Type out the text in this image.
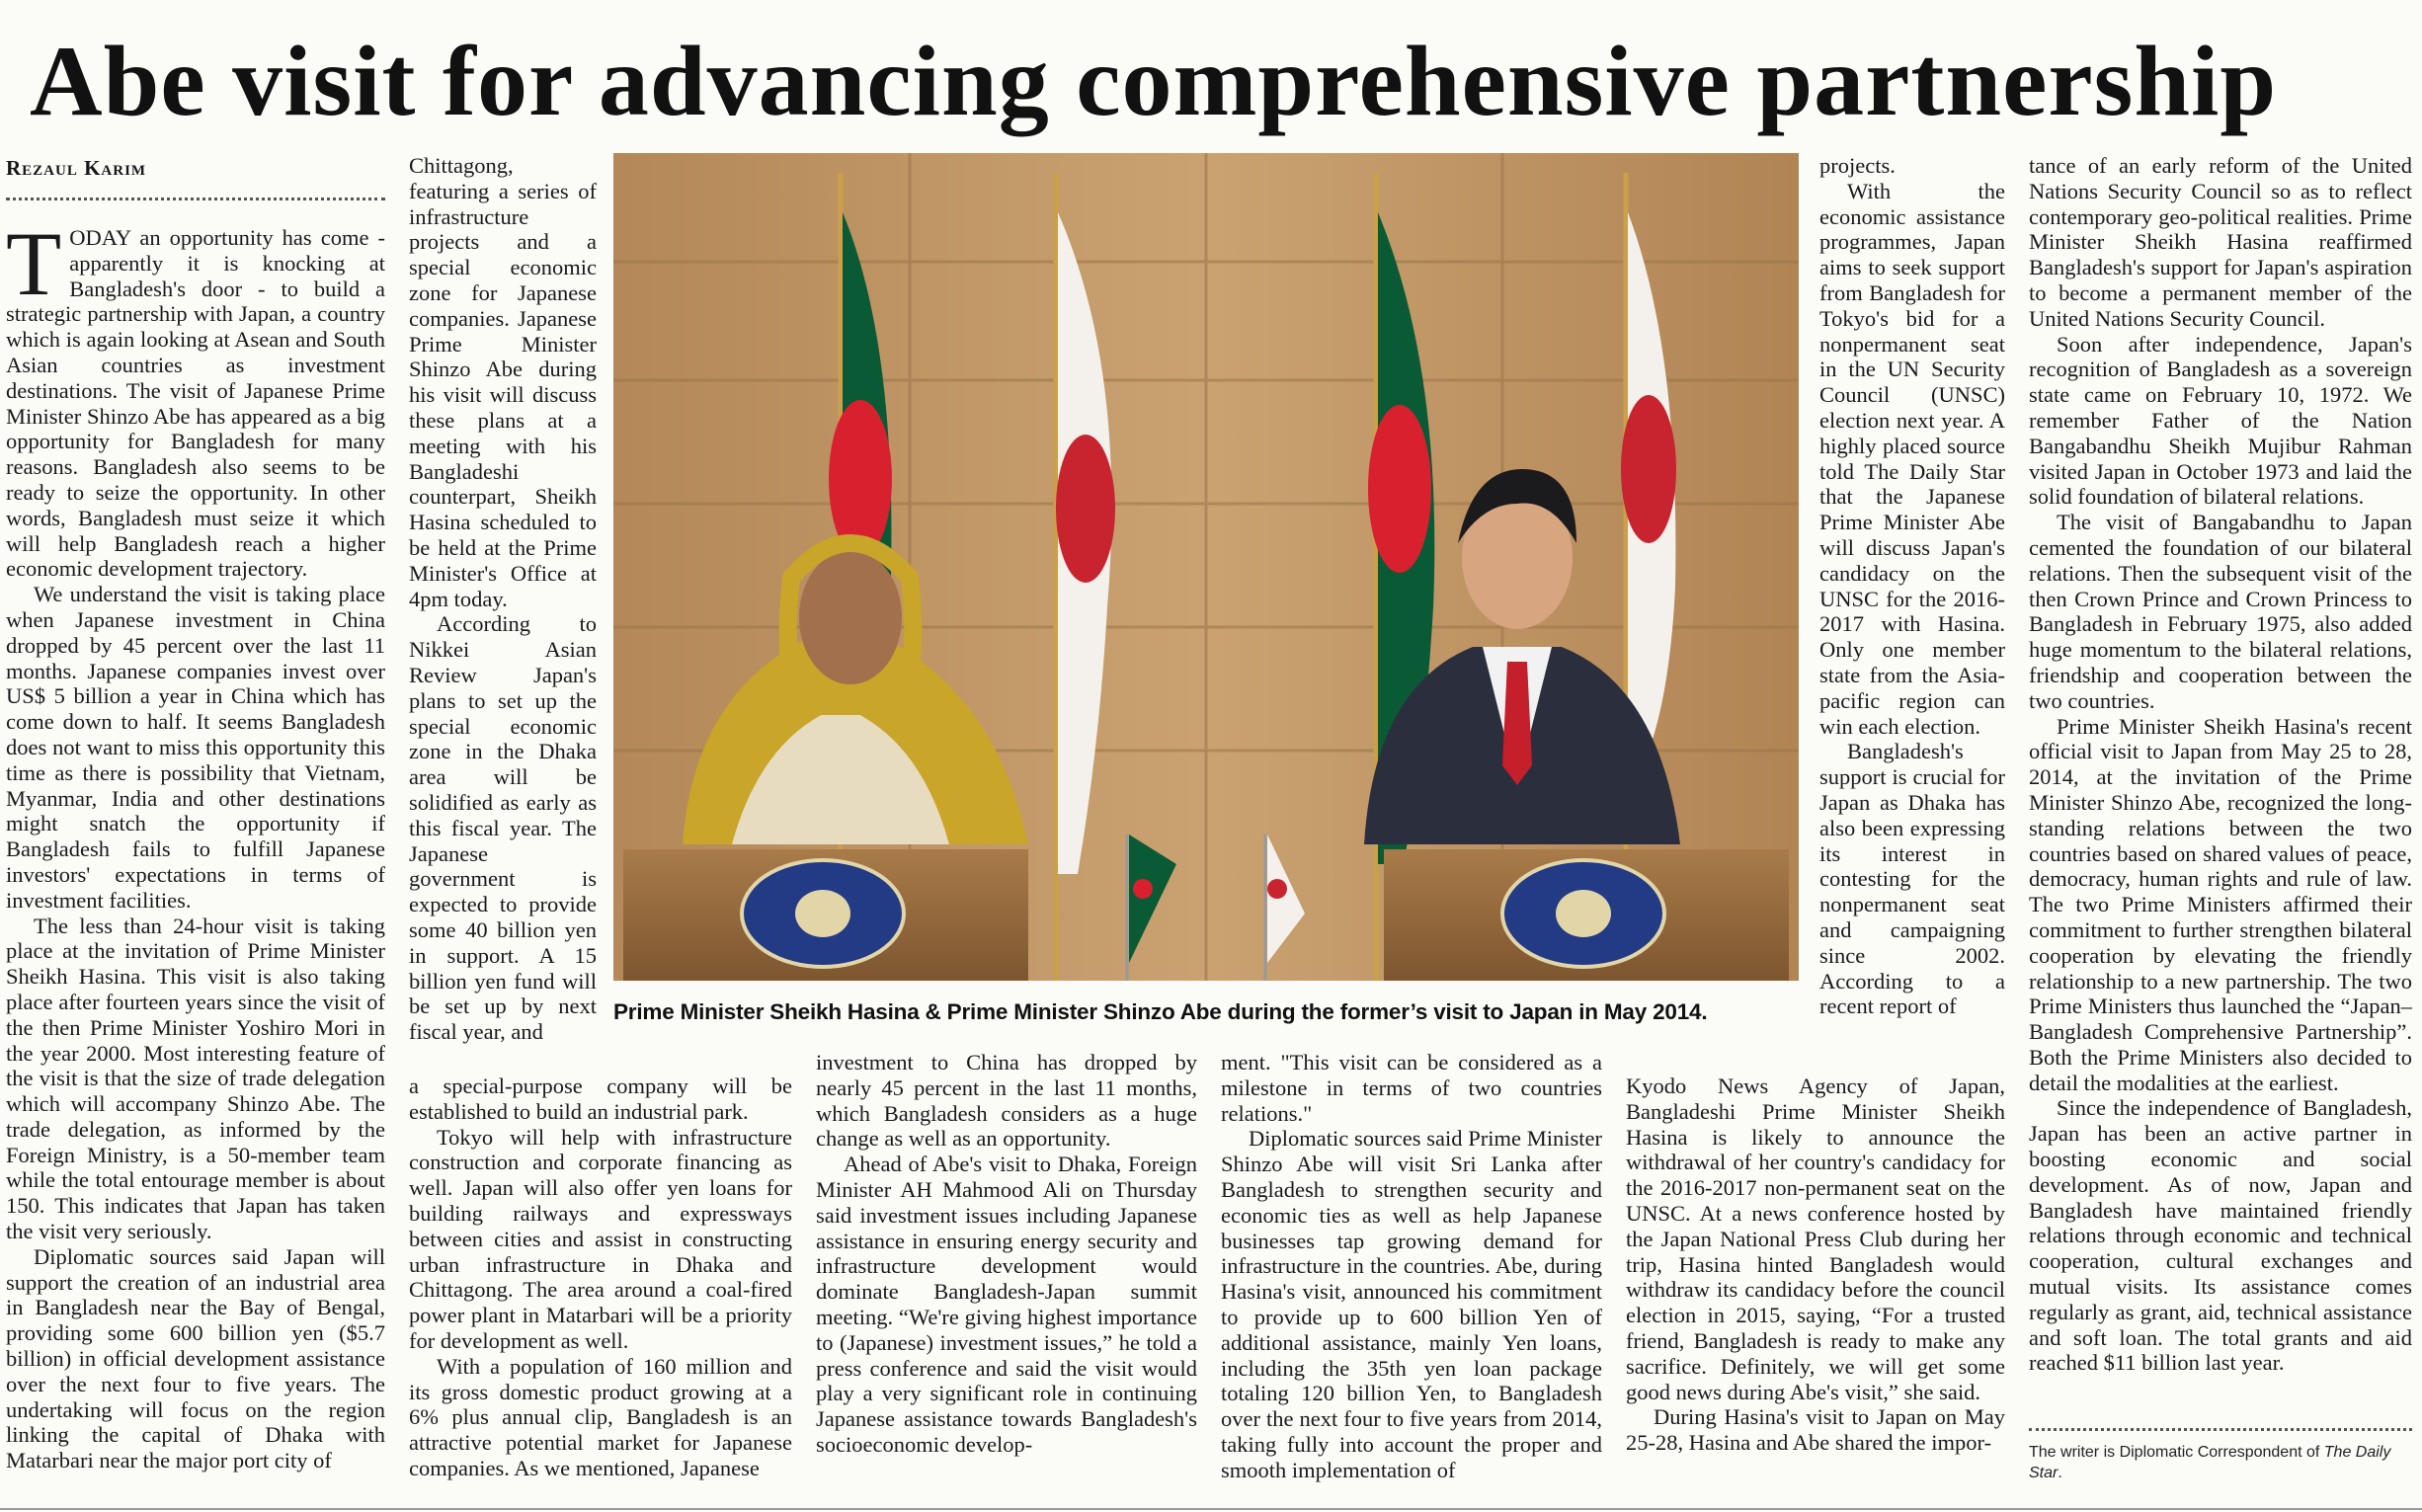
Abe visit for advancing comprehensive partnership
Rezaul Karim

TODAY an opportunity has come - apparently it is knocking at Bangladesh's door - to build a strategic partnership with Japan, a country which is again looking at Asean and South Asian countries as investment destinations. The visit of Japanese Prime Minister Shinzo Abe has appeared as a big opportunity for Bangladesh for many reasons. Bangladesh also seems to be ready to seize the opportunity. In other words, Bangladesh must seize it which will help Bangladesh reach a higher economic development trajectory.

We understand the visit is taking place when Japanese investment in China dropped by 45 percent over the last 11 months. Japanese companies invest over US$ 5 billion a year in China which has come down to half. It seems Bangladesh does not want to miss this opportunity this time as there is possibility that Vietnam, Myanmar, India and other destinations might snatch the opportunity if Bangladesh fails to fulfill Japanese investors' expectations in terms of investment facilities.

The less than 24-hour visit is taking place at the invitation of Prime Minister Sheikh Hasina. This visit is also taking place after fourteen years since the visit of the then Prime Minister Yoshiro Mori in the year 2000. Most interesting feature of the visit is that the size of trade delegation which will accompany Shinzo Abe. The trade delegation, as informed by the Foreign Ministry, is a 50-member team while the total entourage member is about 150. This indicates that Japan has taken the visit very seriously.

Diplomatic sources said Japan will support the creation of an industrial area in Bangladesh near the Bay of Bengal, providing some 600 billion yen ($5.7 billion) in official development assistance over the next four to five years. The undertaking will focus on the region linking the capital of Dhaka with Matarbari near the major port city of

Chittagong, featuring a series of infrastructure projects and a special economic zone for Japanese companies. Japanese Prime Minister Shinzo Abe during his visit will discuss these plans at a meeting with his Bangladeshi counterpart, Sheikh Hasina scheduled to be held at the Prime Minister's Office at 4pm today.

According to Nikkei Asian Review Japan's plans to set up the special economic zone in the Dhaka area will be solidified as early as this fiscal year. The Japanese government is expected to provide some 40 billion yen in support. A 15 billion yen fund will be set up by next fiscal year, and

a special-purpose company will be established to build an industrial park.

Tokyo will help with infrastructure construction and corporate financing as well. Japan will also offer yen loans for building railways and expressways between cities and assist in constructing urban infrastructure in Dhaka and Chittagong. The area around a coal-fired power plant in Matarbari will be a priority for development as well.

With a population of 160 million and its gross domestic product growing at a 6% plus annual clip, Bangladesh is an attractive potential market for Japanese companies. As we mentioned, Japanese

Prime Minister Sheikh Hasina & Prime Minister Shinzo Abe during the former’s visit to Japan in May 2014.

investment to China has dropped by nearly 45 percent in the last 11 months, which Bangladesh considers as a huge change as well as an opportunity.

Ahead of Abe's visit to Dhaka, Foreign Minister AH Mahmood Ali on Thursday said investment issues including Japanese assistance in ensuring energy security and infrastructure development would dominate Bangladesh-Japan summit meeting. “We're giving highest importance to (Japanese) investment issues,” he told a press conference and said the visit would play a very significant role in continuing Japanese assistance towards Bangladesh's socioeconomic develop-

ment. "This visit can be considered as a milestone in terms of two countries relations."

Diplomatic sources said Prime Minister Shinzo Abe will visit Sri Lanka after Bangladesh to strengthen security and economic ties as well as help Japanese businesses tap growing demand for infrastructure in the countries. Abe, during Hasina's visit, announced his commitment to provide up to 600 billion Yen of additional assistance, mainly Yen loans, including the 35th yen loan package totaling 120 billion Yen, to Bangladesh over the next four to five years from 2014, taking fully into account the proper and smooth implementation of

projects.

With the economic assistance programmes, Japan aims to seek support from Bangladesh for Tokyo's bid for a nonpermanent seat in the UN Security Council (UNSC) election next year. A highly placed source told The Daily Star that the Japanese Prime Minister Abe will discuss Japan's candidacy on the UNSC for the 2016-2017 with Hasina. Only one member state from the Asia-pacific region can win each election.

Bangladesh's support is crucial for Japan as Dhaka has also been expressing its interest in contesting for the nonpermanent seat and campaigning since 2002. According to a recent report of

Kyodo News Agency of Japan, Bangladeshi Prime Minister Sheikh Hasina is likely to announce the withdrawal of her country's candidacy for the 2016-2017 non-permanent seat on the UNSC. At a news conference hosted by the Japan National Press Club during her trip, Hasina hinted Bangladesh would withdraw its candidacy before the council election in 2015, saying, “For a trusted friend, Bangladesh is ready to make any sacrifice. Definitely, we will get some good news during Abe's visit,” she said.

During Hasina's visit to Japan on May 25-28, Hasina and Abe shared the impor-

tance of an early reform of the United Nations Security Council so as to reflect contemporary geo-political realities. Prime Minister Sheikh Hasina reaffirmed Bangladesh's support for Japan's aspiration to become a permanent member of the United Nations Security Council.

Soon after independence, Japan's recognition of Bangladesh as a sovereign state came on February 10, 1972. We remember Father of the Nation Bangabandhu Sheikh Mujibur Rahman visited Japan in October 1973 and laid the solid foundation of bilateral relations.

The visit of Bangabandhu to Japan cemented the foundation of our bilateral relations. Then the subsequent visit of the then Crown Prince and Crown Princess to Bangladesh in February 1975, also added huge momentum to the bilateral relations, friendship and cooperation between the two countries.

Prime Minister Sheikh Hasina's recent official visit to Japan from May 25 to 28, 2014, at the invitation of the Prime Minister Shinzo Abe, recognized the long-standing relations between the two countries based on shared values of peace, democracy, human rights and rule of law. The two Prime Ministers affirmed their commitment to further strengthen bilateral cooperation by elevating the friendly relationship to a new partnership. The two Prime Ministers thus launched the “Japan–Bangladesh Comprehensive Partnership”. Both the Prime Ministers also decided to detail the modalities at the earliest.

Since the independence of Bangladesh, Japan has been an active partner in boosting economic and social development. As of now, Japan and Bangladesh have maintained friendly relations through economic and technical cooperation, cultural exchanges and mutual visits. Its assistance comes regularly as grant, aid, technical assistance and soft loan. The total grants and aid reached $11 billion last year.

The writer is Diplomatic Correspondent of The Daily Star.
